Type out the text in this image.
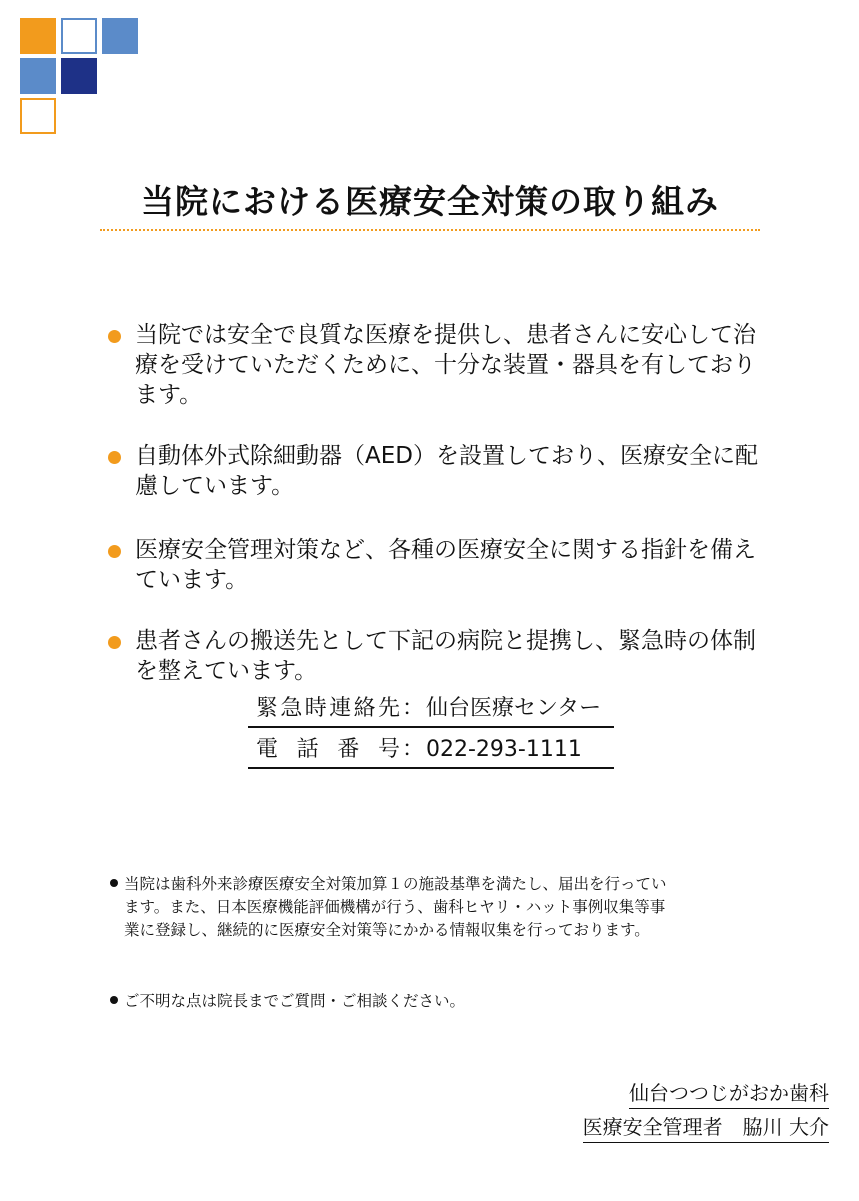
当院における医療安全対策の取り組み
当院では安全で良質な医療を提供し、患者さんに安心して治療を受けていただくために、十分な装置・器具を有しております。
自動体外式除細動器（AED）を設置しており、医療安全に配慮しています。
医療安全管理対策など、各種の医療安全に関する指針を備えています。
患者さんの搬送先として下記の病院と提携し、緊急時の体制を整えています。
緊急時連絡先：仙台医療センター
電話番号：022-293-1111
当院は歯科外来診療医療安全対策加算１の施設基準を満たし、届出を行っています。また、日本医療機能評価機構が行う、歯科ヒヤリ・ハット事例収集等事業に登録し、継続的に医療安全対策等にかかる情報収集を行っております。
ご不明な点は院長までご質問・ご相談ください。
仙台つつじがおか歯科
医療安全管理者　脇川 大介
